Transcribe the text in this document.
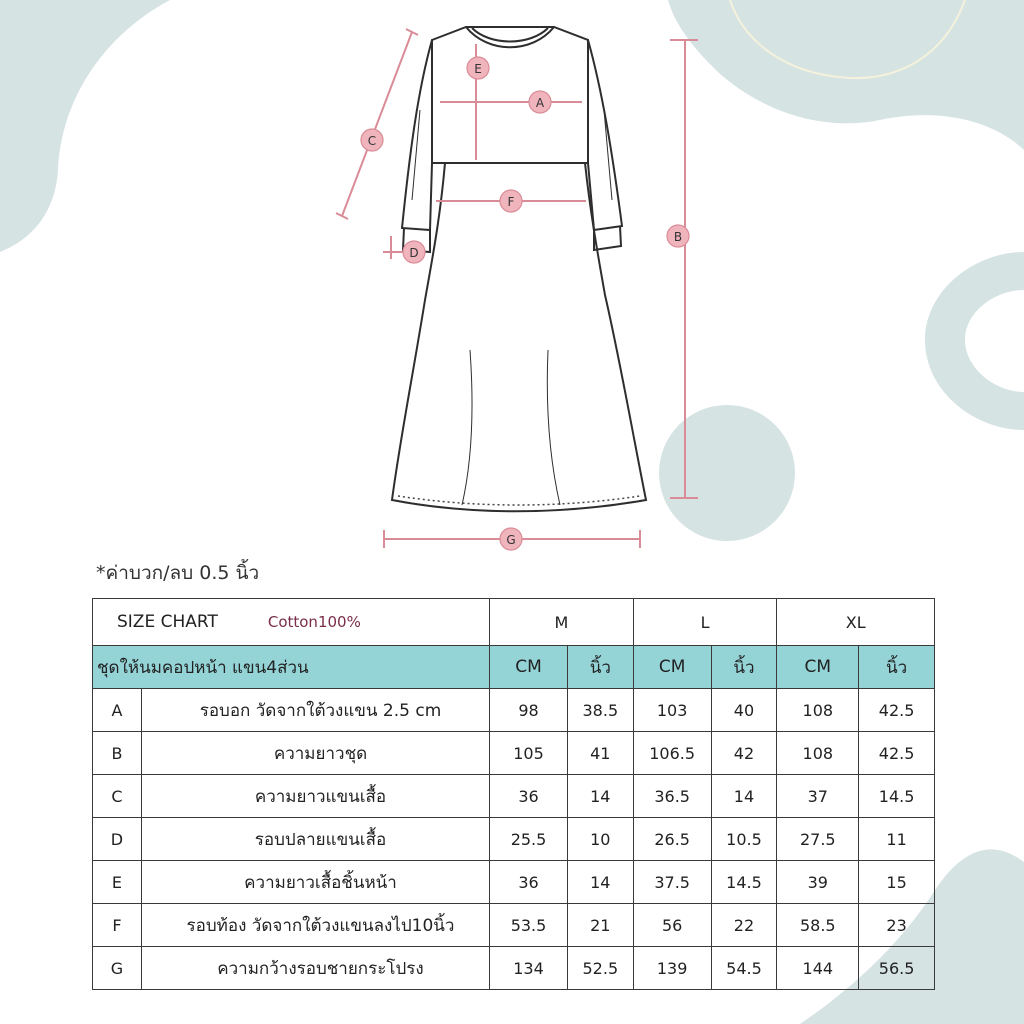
E
A
C
F
D
B
G
*ค่าบวก/ลบ 0.5 นิ้ว
SIZE CHART Cotton100%		M		L		XL	
ชุดให้นมคอปหน้า แขน4ส่วน		CM	นิ้ว	CM	นิ้ว	CM	นิ้ว
A	รอบอก วัดจากใต้วงแขน 2.5 cm	98	38.5	103	40	108	42.5
B	ความยาวชุด	105	41	106.5	42	108	42.5
C	ความยาวแขนเสื้อ	36	14	36.5	14	37	14.5
D	รอบปลายแขนเสื้อ	25.5	10	26.5	10.5	27.5	11
E	ความยาวเสื้อชิ้นหน้า	36	14	37.5	14.5	39	15
F	รอบท้อง วัดจากใต้วงแขนลงไป10นิ้ว	53.5	21	56	22	58.5	23
G	ความกว้างรอบชายกระโปรง	134	52.5	139	54.5	144	56.5
